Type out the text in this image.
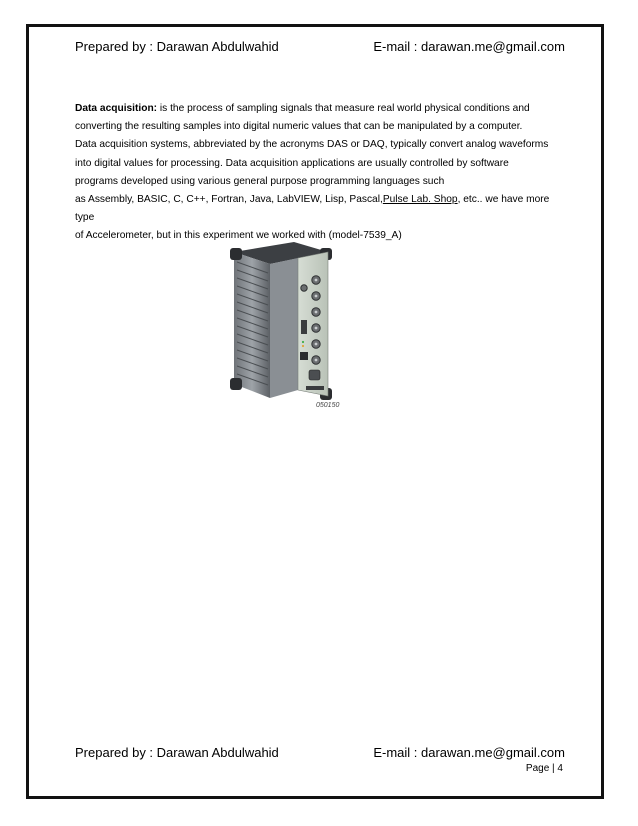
Prepared by : Darawan Abdulwahid	E-mail : darawan.me@gmail.com

Data acquisition: is the process of sampling signals that measure real world physical conditions and
converting the resulting samples into digital numeric values that can be manipulated by a computer.
Data acquisition systems, abbreviated by the acronyms DAS or DAQ, typically convert analog waveforms
into digital values for processing. Data acquisition applications are usually controlled by software
programs developed using various general purpose programming languages such
as Assembly, BASIC, C, C++, Fortran, Java, LabVIEW, Lisp, Pascal,Pulse Lab. Shop, etc.. we have more type
of Accelerometer, but in this experiment we worked with (model-7539_A)

050150
Prepared by : Darawan Abdulwahid	E-mail : darawan.me@gmail.com
Page | 4
